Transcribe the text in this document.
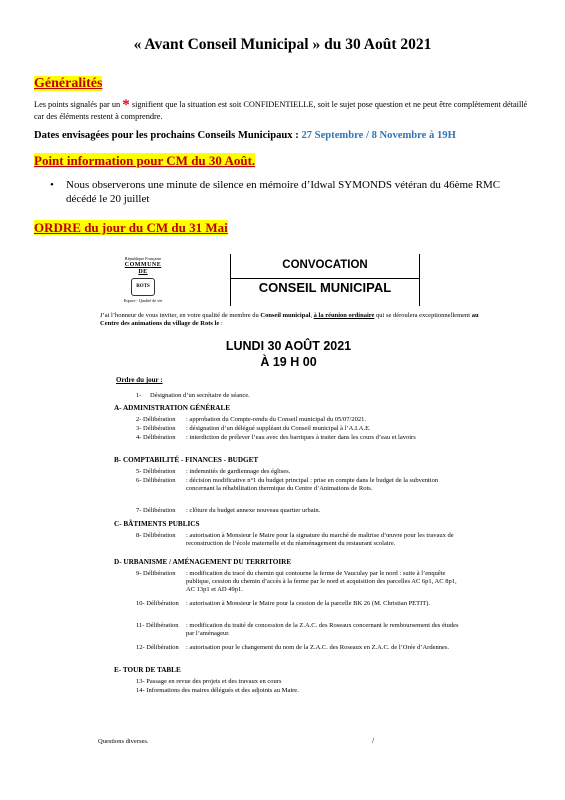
« Avant Conseil Municipal » du 30 Août 2021
Généralités
Les points signalés par un * signifient que la situation est soit CONFIDENTIELLE, soit le sujet pose question et ne peut être complètement détaillé car des éléments restent à comprendre.
Dates envisagées pour les prochains Conseils Municipaux : 27 Septembre / 8 Novembre à 19H
Point information pour CM du 30 Août.
• Nous observerons une minute de silence en mémoire d’Idwal SYMONDS vétéran du 46ème RMC décédé le 20 juillet
ORDRE du jour du CM du 31 Mai
République Française
COMMUNE
DE
ROTS
Espace - Qualité de vie
CONVOCATION
CONSEIL MUNICIPAL
J’ai l’honneur de vous inviter, en votre qualité de membre du Conseil municipal, à la réunion ordinaire qui se déroulera exceptionnellement au Centre des animations du village de Rots le :
LUNDI 30 AOÛT 2021
À 19 H 00
Ordre du jour :
1- Désignation d’un secrétaire de séance.
A- ADMINISTRATION GÉNÉRALE
2- Délibération : approbation du Compte-rendu du Conseil municipal du 05/07/2021.
3- Délibération : désignation d’un délégué suppléant du Conseil municipal à l’A.I.A.E.
4- Délibération : interdiction de prélever l’eau avec des barriques à traiter dans les cours d’eau et lavoirs
B- COMPTABILITÉ - FINANCES - BUDGET
5- Délibération : indemnités de gardiennage des églises.
6- Délibération : décision modificative n°1 du budget principal : prise en compte dans le budget de la subvention concernant la réhabilitation thermique du Centre d’Animations de Rots.
7- Délibération : clôture du budget annexe nouveau quartier urbain.
C- BÂTIMENTS PUBLICS
8- Délibération : autorisation à Monsieur le Maire pour la signature du marché de maîtrise d’œuvre pour les travaux de reconstruction de l’école maternelle et du réaménagement du restaurant scolaire.
D- URBANISME / AMÉNAGEMENT DU TERRITOIRE
9- Délibération : modification du tracé du chemin qui contourne la ferme de Vauculay par le nord : suite à l’enquête publique, cession du chemin d’accès à la ferme par le nord et acquisition des parcelles AC 6p1, AC 8p1, AC 13p1 et AD 49p1.
10- Délibération : autorisation à Monsieur le Maire pour la cession de la parcelle BK 26 (M. Christian PETIT).
11- Délibération : modification du traité de concession de la Z.A.C. des Roseaux concernant le remboursement des études par l’aménageur.
12- Délibération : autorisation pour le changement du nom de la Z.A.C. des Roseaux en Z.A.C. de l’Orée d’Ardennes.
E- TOUR DE TABLE
13- Passage en revue des projets et des travaux en cours
14- Informations des maires délégués et des adjoints au Maire.
Questions diverses.	/
